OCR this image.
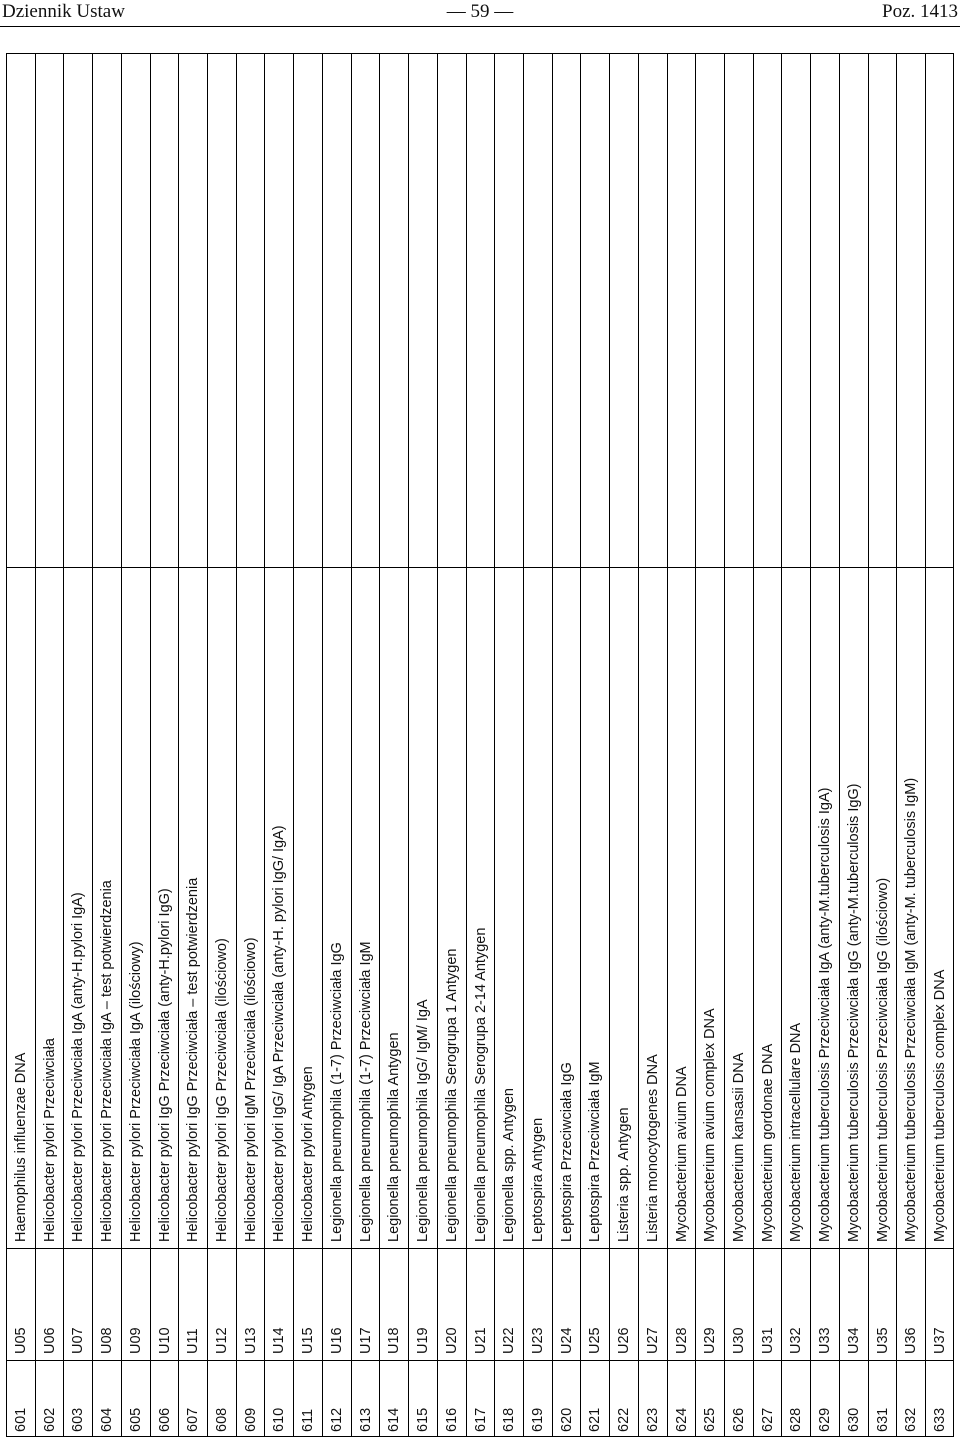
Dziennik Ustaw	— 59 —	Poz. 1413
601
U05
Haemophilus influenzae DNA
602
U06
Helicobacter pylori Przeciwciała
603
U07
Helicobacter pylori Przeciwciała IgA (anty-H.pylori IgA)
604
U08
Helicobacter pylori Przeciwciała IgA – test potwierdzenia
605
U09
Helicobacter pylori Przeciwciała IgA (ilościowy)
606
U10
Helicobacter pylori IgG Przeciwciała (anty-H.pylori IgG)
607
U11
Helicobacter pylori IgG Przeciwciała – test potwierdzenia
608
U12
Helicobacter pylori IgG Przeciwciała (ilościowo)
609
U13
Helicobacter pylori IgM Przeciwciała (ilościowo)
610
U14
Helicobacter pylori IgG/ IgA Przeciwciała (anty-H. pylori IgG/ IgA)
611
U15
Helicobacter pylori Antygen
612
U16
Legionella pneumophila (1-7) Przeciwciała IgG
613
U17
Legionella pneumophila (1-7) Przeciwciała IgM
614
U18
Legionella pneumophila Antygen
615
U19
Legionella pneumophila IgG/ IgM/ IgA
616
U20
Legionella pneumophila Serogrupa 1 Antygen
617
U21
Legionella pneumophila Serogrupa 2-14 Antygen
618
U22
Legionella spp. Antygen
619
U23
Leptospira Antygen
620
U24
Leptospira Przeciwciała IgG
621
U25
Leptospira Przeciwciała IgM
622
U26
Listeria spp. Antygen
623
U27
Listeria monocytogenes DNA
624
U28
Mycobacterium avium DNA
625
U29
Mycobacterium avium complex DNA
626
U30
Mycobacterium kansasii DNA
627
U31
Mycobacterium gordonae DNA
628
U32
Mycobacterium intracellulare DNA
629
U33
Mycobacterium tuberculosis Przeciwciała IgA (anty-M.tuberculosis IgA)
630
U34
Mycobacterium tuberculosis Przeciwciała IgG (anty-M.tuberculosis IgG)
631
U35
Mycobacterium tuberculosis Przeciwciała IgG (ilościowo)
632
U36
Mycobacterium tuberculosis Przeciwciała IgM (anty-M. tuberculosis IgM)
633
U37
Mycobacterium tuberculosis complex DNA
